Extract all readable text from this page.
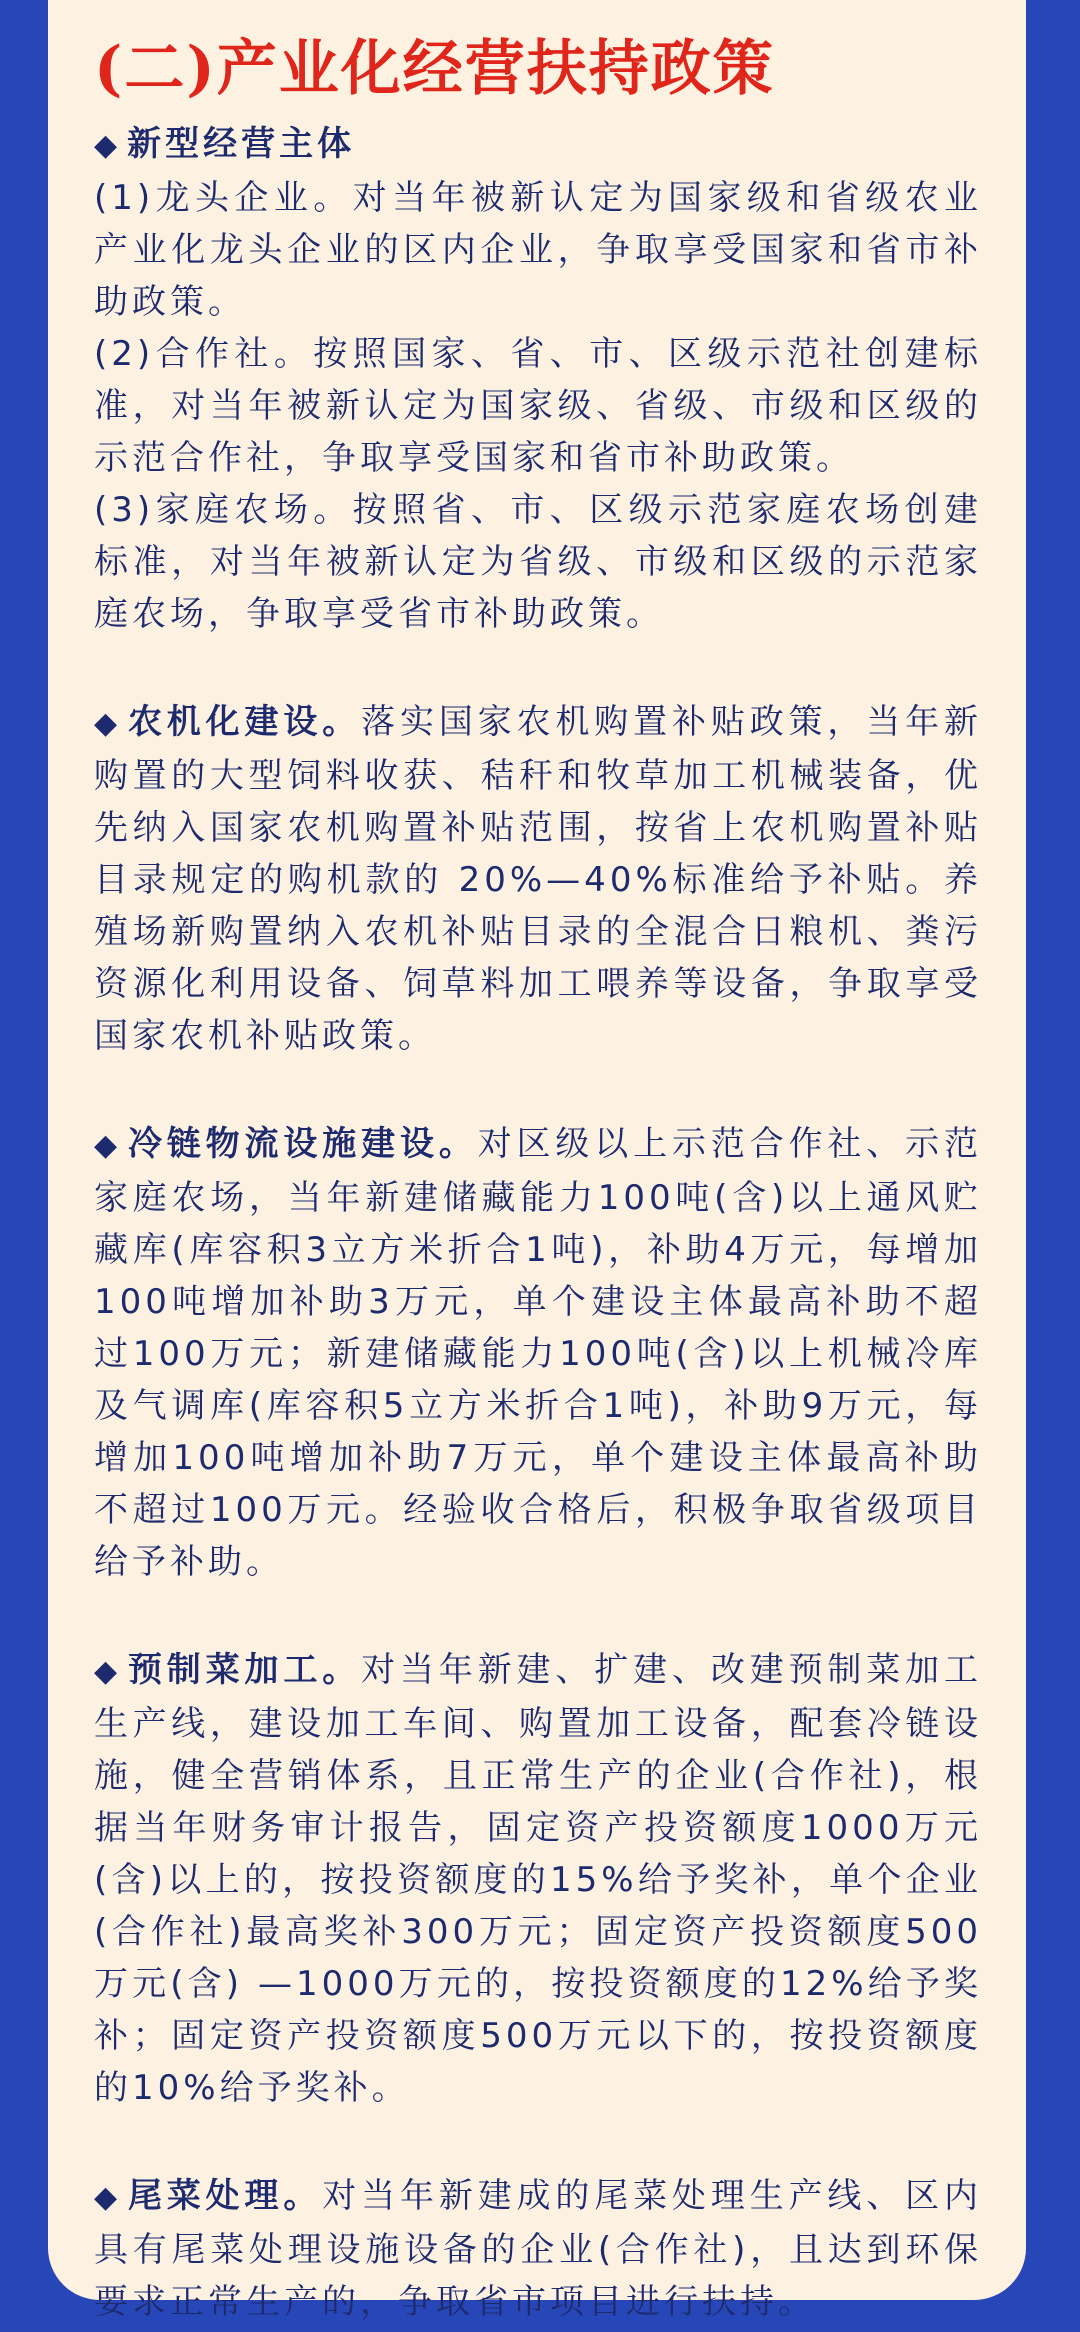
(二)产业化经营扶持政策
◆ 新型经营主体

(1)龙头企业。对当年被新认定为国家级和省级农业产业化龙头企业的区内企业，争取享受国家和省市补助政策。

(2)合作社。按照国家、省、市、区级示范社创建标准，对当年被新认定为国家级、省级、市级和区级的示范合作社，争取享受国家和省市补助政策。

(3)家庭农场。按照省、市、区级示范家庭农场创建标准，对当年被新认定为省级、市级和区级的示范家庭农场，争取享受省市补助政策。

◆ 农机化建设。落实国家农机购置补贴政策，当年新购置的大型饲料收获、秸秆和牧草加工机械装备，优先纳入国家农机购置补贴范围，按省上农机购置补贴目录规定的购机款的 20%—40%标准给予补贴。养殖场新购置纳入农机补贴目录的全混合日粮机、粪污资源化利用设备、饲草料加工喂养等设备，争取享受国家农机补贴政策。

◆ 冷链物流设施建设。对区级以上示范合作社、示范家庭农场，当年新建储藏能力100吨(含)以上通风贮藏库(库容积3立方米折合1吨)，补助4万元，每增加100吨增加补助3万元，单个建设主体最高补助不超过100万元；新建储藏能力100吨(含)以上机械冷库及气调库(库容积5立方米折合1吨)，补助9万元，每增加100吨增加补助7万元，单个建设主体最高补助不超过100万元。经验收合格后，积极争取省级项目给予补助。

◆ 预制菜加工。对当年新建、扩建、改建预制菜加工生产线，建设加工车间、购置加工设备，配套冷链设施，健全营销体系，且正常生产的企业(合作社)，根据当年财务审计报告，固定资产投资额度1000万元(含)以上的，按投资额度的15%给予奖补，单个企业(合作社)最高奖补300万元；固定资产投资额度500万元(含) —1000万元的，按投资额度的12%给予奖补；固定资产投资额度500万元以下的，按投资额度的10%给予奖补。

◆ 尾菜处理。对当年新建成的尾菜处理生产线、区内具有尾菜处理设施设备的企业(合作社)，且达到环保要求正常生产的，争取省市项目进行扶持。
